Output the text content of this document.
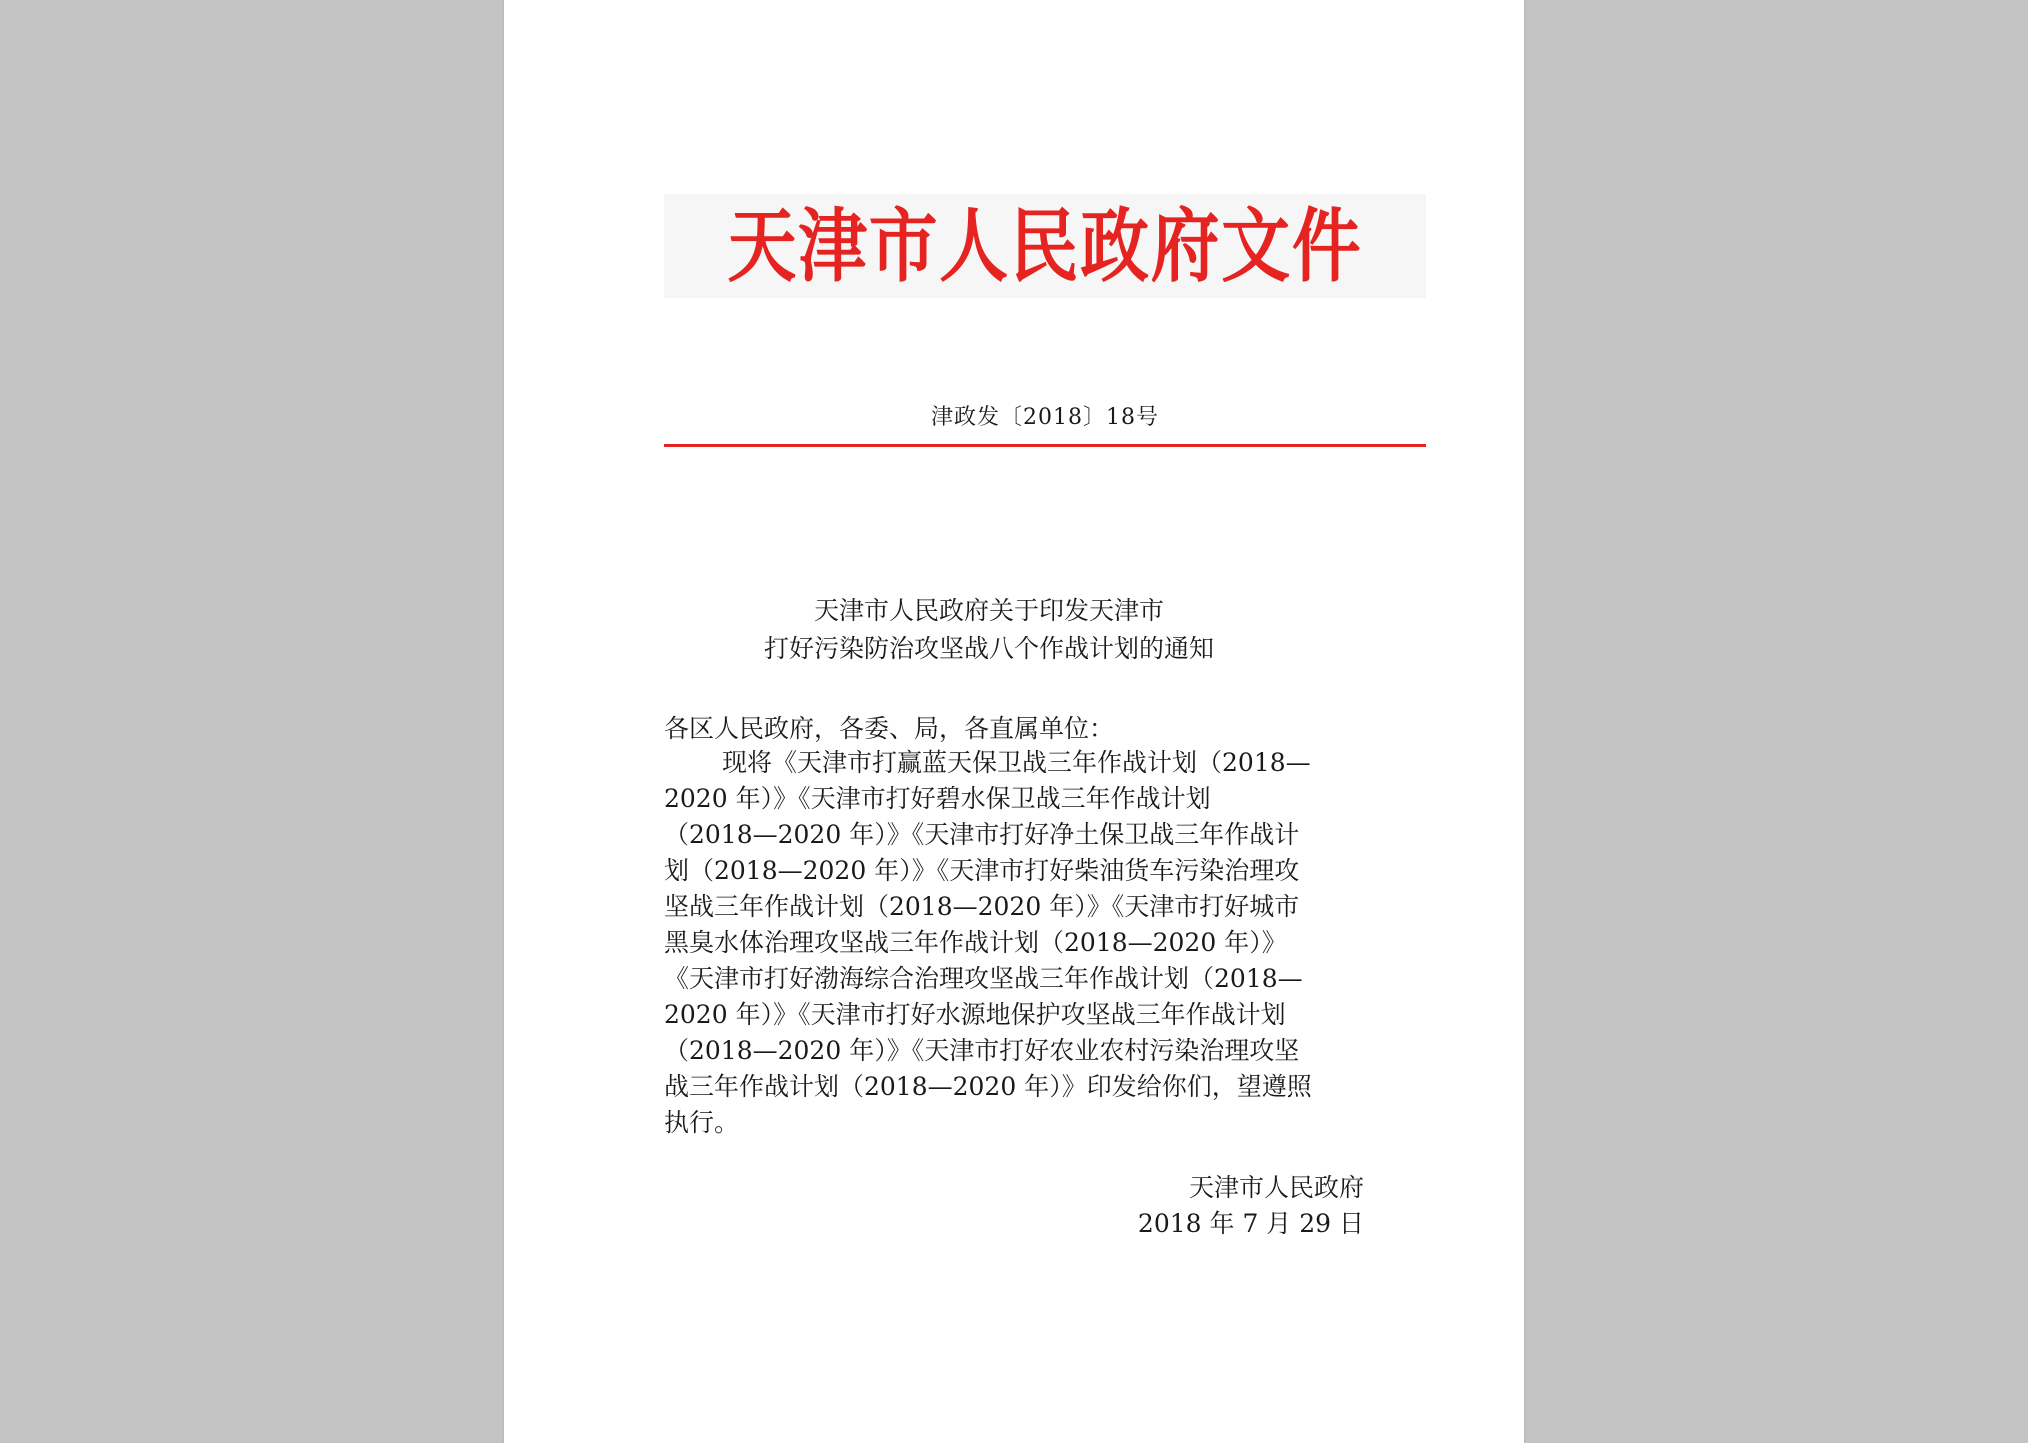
天津市人民政府文件
津政发〔2018〕18号
天津市人民政府关于印发天津市
打好污染防治攻坚战八个作战计划的通知
各区人民政府，各委、局，各直属单位：
现将《天津市打赢蓝天保卫战三年作战计划（2018—
2020 年）》《天津市打好碧水保卫战三年作战计划
（2018—2020 年）》《天津市打好净土保卫战三年作战计
划（2018—2020 年）》《天津市打好柴油货车污染治理攻
坚战三年作战计划（2018—2020 年）》《天津市打好城市
黑臭水体治理攻坚战三年作战计划（2018—2020 年）》
《天津市打好渤海综合治理攻坚战三年作战计划（2018—
2020 年）》《天津市打好水源地保护攻坚战三年作战计划
（2018—2020 年）》《天津市打好农业农村污染治理攻坚
战三年作战计划（2018—2020 年）》印发给你们，望遵照
执行。
天津市人民政府
2018 年 7 月 29 日
